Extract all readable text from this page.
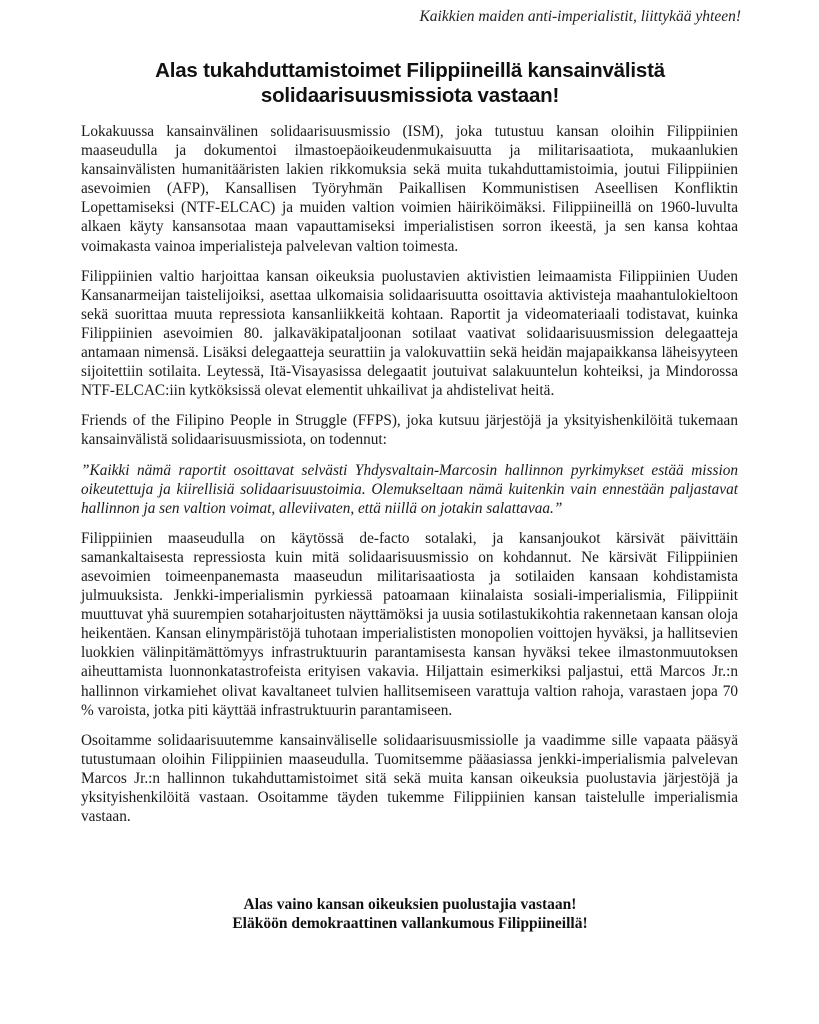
Kaikkien maiden anti-imperialistit, liittykää yhteen!
Alas tukahduttamistoimet Filippiineillä kansainvälistä solidaarisuusmissiota vastaan!

Lokakuussa kansainvälinen solidaarisuusmissio (ISM), joka tutustuu kansan oloihin Filippiinien maaseudulla ja dokumentoi ilmastoepäoikeudenmukaisuutta ja militarisaatiota, mukaanlukien kansainvälisten humanitääristen lakien rikkomuksia sekä muita tukahduttamistoimia, joutui Filippiinien asevoimien (AFP), Kansallisen Työryhmän Paikallisen Kommunistisen Aseellisen Konfliktin Lopettamiseksi (NTF-ELCAC) ja muiden valtion voimien häiriköimäksi. Filippiineillä on 1960-luvulta alkaen käyty kansansotaa maan vapauttamiseksi imperialistisen sorron ikeestä, ja sen kansa kohtaa voimakasta vainoa imperialisteja palvelevan valtion toimesta.

Filippiinien valtio harjoittaa kansan oikeuksia puolustavien aktivistien leimaamista Filippiinien Uuden Kansanarmeijan taistelijoiksi, asettaa ulkomaisia solidaarisuutta osoittavia aktivisteja maahantulokieltoon sekä suorittaa muuta repressiota kansanliikkeitä kohtaan. Raportit ja videomateriaali todistavat, kuinka Filippiinien asevoimien 80. jalkaväkipataljoonan sotilaat vaativat solidaarisuusmission delegaatteja antamaan nimensä. Lisäksi delegaatteja seurattiin ja valokuvattiin sekä heidän majapaikkansa läheisyyteen sijoitettiin sotilaita. Leytessä, Itä-Visayasissa delegaatit joutuivat salakuuntelun kohteiksi, ja Mindorossa NTF-ELCAC:iin kytköksissä olevat elementit uhkailivat ja ahdistelivat heitä.

Friends of the Filipino People in Struggle (FFPS), joka kutsuu järjestöjä ja yksityishenkilöitä tukemaan kansainvälistä solidaarisuusmissiota, on todennut:

”Kaikki nämä raportit osoittavat selvästi Yhdysvaltain-Marcosin hallinnon pyrkimykset estää mission oikeutettuja ja kiirellisiä solidaarisuustoimia. Olemukseltaan nämä kuitenkin vain ennestään paljastavat hallinnon ja sen valtion voimat, alleviivaten, että niillä on jotakin salattavaa.”

Filippiinien maaseudulla on käytössä de-facto sotalaki, ja kansanjoukot kärsivät päivittäin samankaltaisesta repressiosta kuin mitä solidaarisuusmissio on kohdannut. Ne kärsivät Filippiinien asevoimien toimeenpanemasta maaseudun militarisaatiosta ja sotilaiden kansaan kohdistamista julmuuksista. Jenkki-imperialismin pyrkiessä patoamaan kiinalaista sosiali-imperialismia, Filippiinit muuttuvat yhä suurempien sotaharjoitusten näyttämöksi ja uusia sotilastukikohtia rakennetaan kansan oloja heikentäen. Kansan elinympäristöjä tuhotaan imperialististen monopolien voittojen hyväksi, ja hallitsevien luokkien välinpitämättömyys infrastruktuurin parantamisesta kansan hyväksi tekee ilmastonmuutoksen aiheuttamista luonnonkatastrofeista erityisen vakavia. Hiljattain esimerkiksi paljastui, että Marcos Jr.:n hallinnon virkamiehet olivat kavaltaneet tulvien hallitsemiseen varattuja valtion rahoja, varastaen jopa 70 % varoista, jotka piti käyttää infrastruktuurin parantamiseen.

Osoitamme solidaarisuutemme kansainväliselle solidaarisuusmissiolle ja vaadimme sille vapaata pääsyä tutustumaan oloihin Filippiinien maaseudulla. Tuomitsemme pääasiassa jenkki-imperialismia palvelevan Marcos Jr.:n hallinnon tukahduttamistoimet sitä sekä muita kansan oikeuksia puolustavia järjestöjä ja yksityishenkilöitä vastaan. Osoitamme täyden tukemme Filippiinien kansan taistelulle imperialismia vastaan.

Alas vaino kansan oikeuksien puolustajia vastaan!
Eläköön demokraattinen vallankumous Filippiineillä!
